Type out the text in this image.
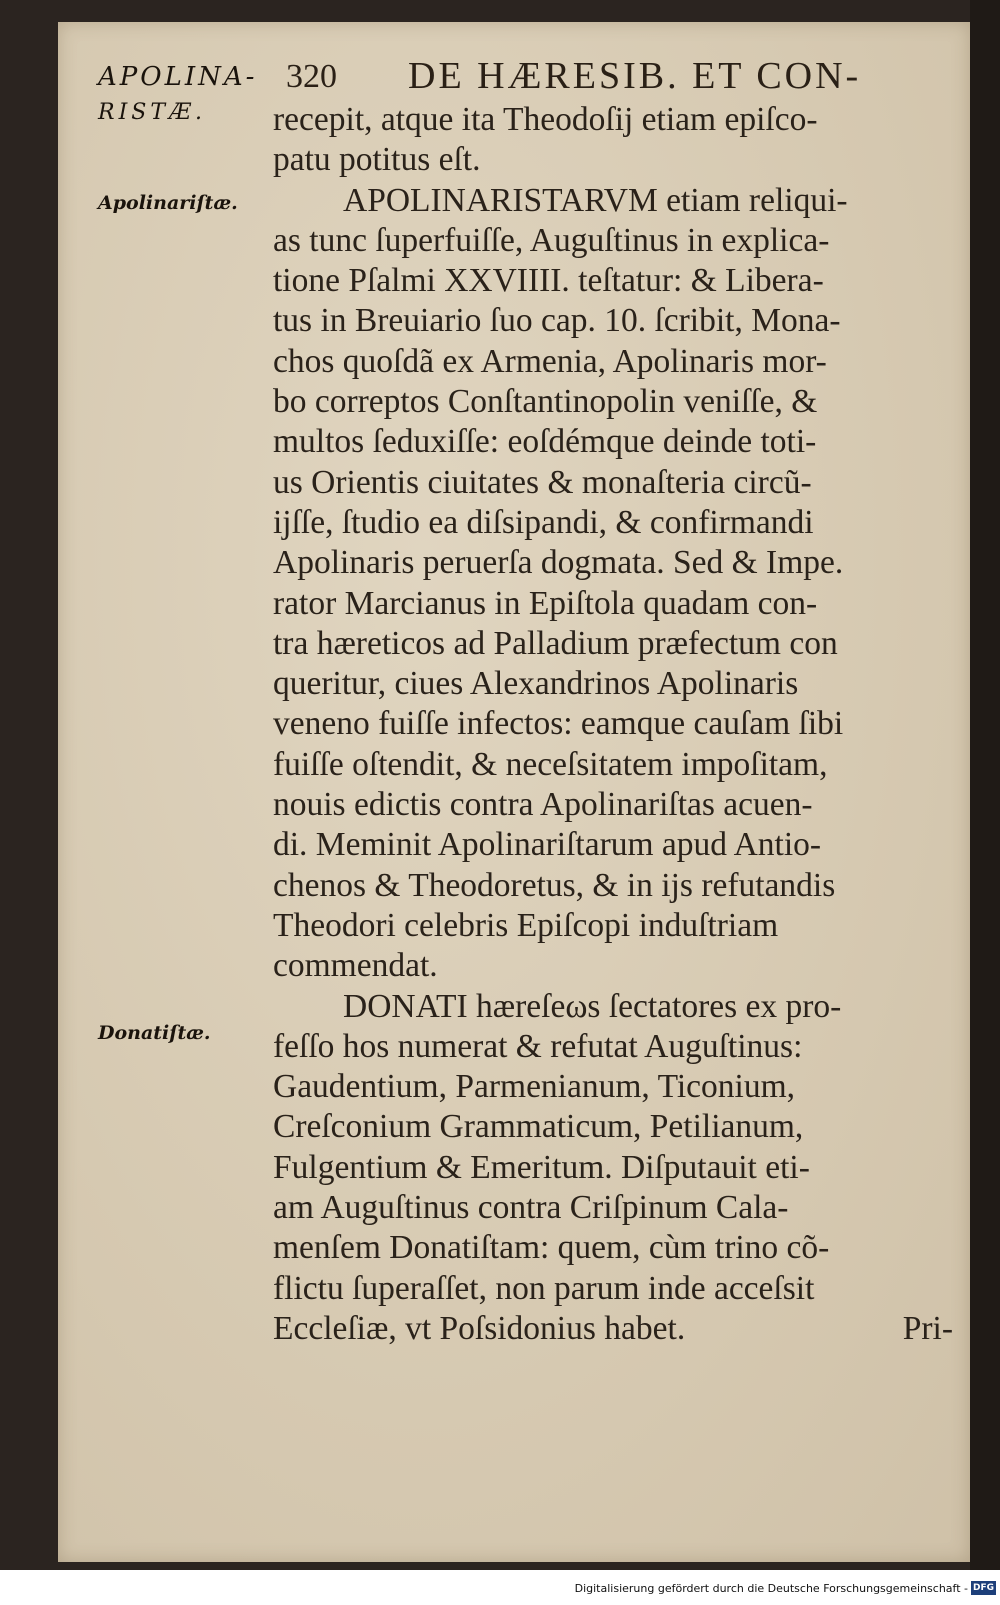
APOLINA- 320 DE HÆRESIB. ET CON-
RISTÆ.
Apolinariſtæ.
Donatiſtæ.
recepit, atque ita Theodoſij etiam epiſco-
patu potitus eſt.
APOLINARISTARVM etiam reliqui-
as tunc ſuperfuiſſe, Auguſtinus in explica-
tione Pſalmi XXVIIII. teſtatur: & Libera-
tus in Breuiario ſuo cap. 10. ſcribit, Mona-
chos quoſdã ex Armenia, Apolinaris mor-
bo correptos Conſtantinopolin veniſſe, &
multos ſeduxiſſe: eoſdémque deinde toti-
us Orientis ciuitates & monaſteria circũ-
ijſſe, ſtudio ea diſsipandi, & confirmandi
Apolinaris peruerſa dogmata. Sed & Impe.
rator Marcianus in Epiſtola quadam con-
tra hæreticos ad Palladium præfectum con
queritur, ciues Alexandrinos Apolinaris
veneno fuiſſe infectos: eamque cauſam ſibi
fuiſſe oſtendit, & neceſsitatem impoſitam,
nouis edictis contra Apolinariſtas acuen-
di. Meminit Apolinariſtarum apud Antio-
chenos & Theodoretus, & in ijs refutandis
Theodori celebris Epiſcopi induſtriam
commendat.
DONATI hæreſeωs ſectatores ex pro-
feſſo hos numerat & refutat Auguſtinus:
Gaudentium, Parmenianum, Ticonium,
Creſconium Grammaticum, Petilianum,
Fulgentium & Emeritum. Diſputauit eti-
am Auguſtinus contra Criſpinum Cala-
menſem Donatiſtam: quem, cùm trino cõ-
flictu ſuperaſſet, non parum inde acceſsit
Eccleſiæ, vt Poſsidonius habet.	Pri-
Digitalisierung gefördert durch die Deutsche Forschungsgemeinschaft - DFG
